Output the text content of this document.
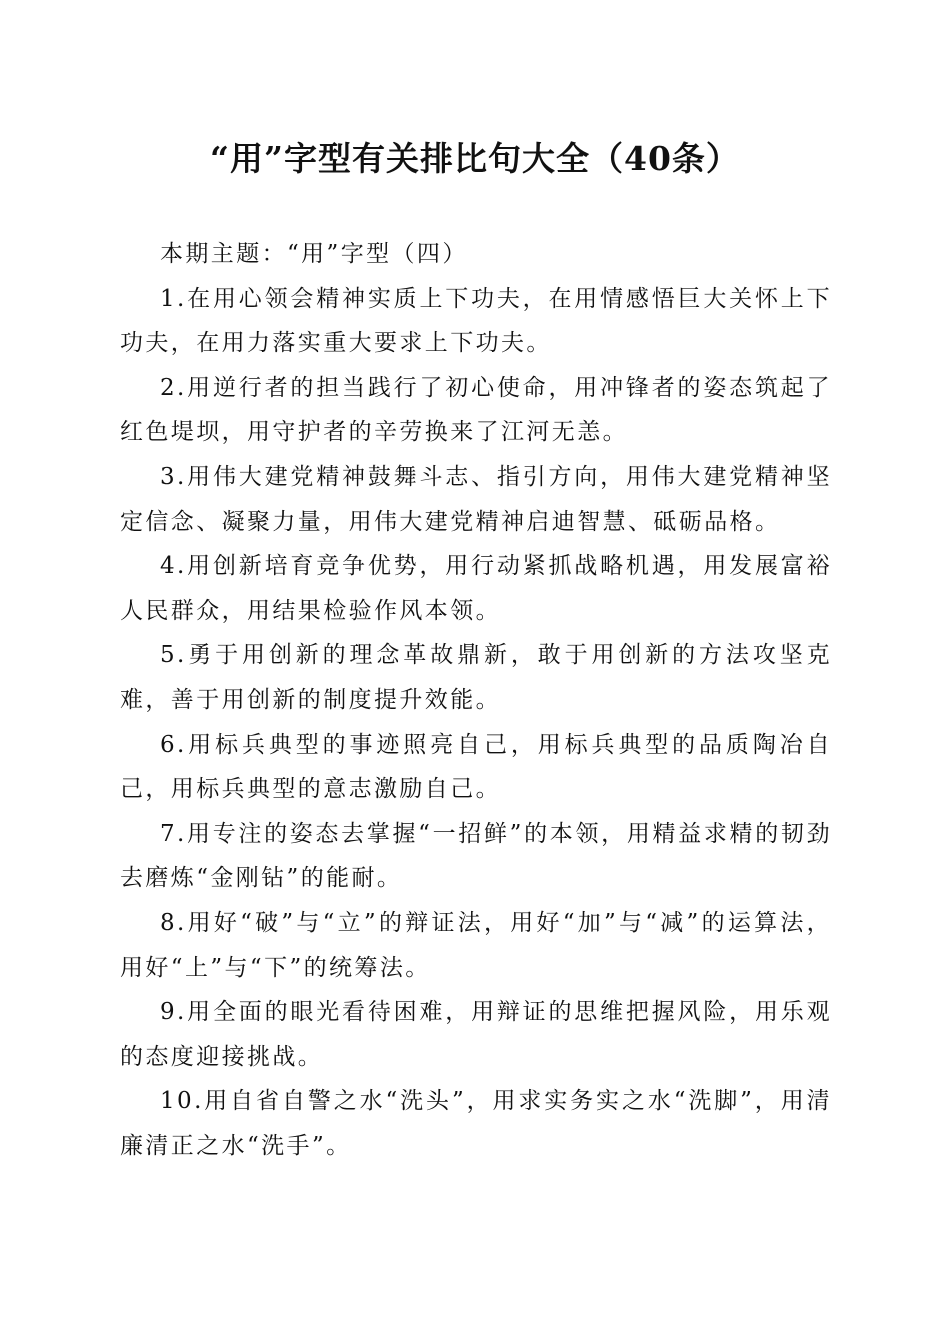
“用”字型有关排比句大全（40条）

本期主题：“用”字型（四）

1.在用心领会精神实质上下功夫，在用情感悟巨大关怀上下功夫，在用力落实重大要求上下功夫。

2.用逆行者的担当践行了初心使命，用冲锋者的姿态筑起了红色堤坝，用守护者的辛劳换来了江河无恙。

3.用伟大建党精神鼓舞斗志、指引方向，用伟大建党精神坚定信念、凝聚力量，用伟大建党精神启迪智慧、砥砺品格。

4.用创新培育竞争优势，用行动紧抓战略机遇，用发展富裕人民群众，用结果检验作风本领。

5.勇于用创新的理念革故鼎新，敢于用创新的方法攻坚克难，善于用创新的制度提升效能。

6.用标兵典型的事迹照亮自己，用标兵典型的品质陶冶自己，用标兵典型的意志激励自己。

7.用专注的姿态去掌握“一招鲜”的本领，用精益求精的韧劲去磨炼“金刚钻”的能耐。

8.用好“破”与“立”的辩证法，用好“加”与“减”的运算法，用好“上”与“下”的统筹法。

9.用全面的眼光看待困难，用辩证的思维把握风险，用乐观的态度迎接挑战。

10.用自省自警之水“洗头”，用求实务实之水“洗脚”，用清廉清正之水“洗手”。
